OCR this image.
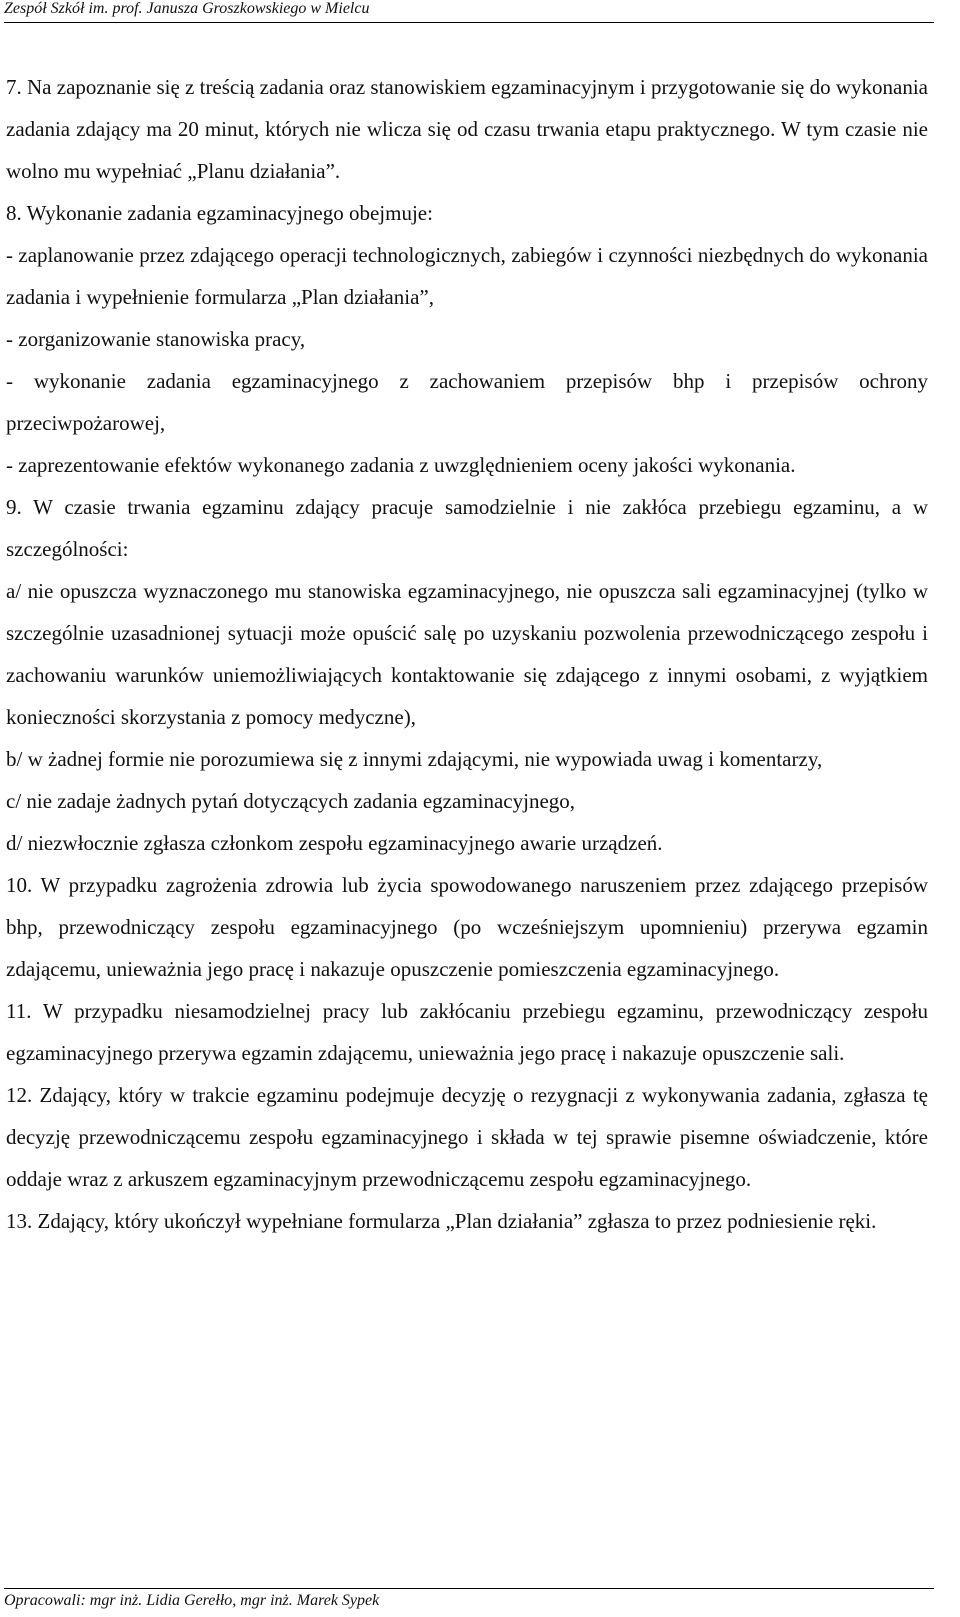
Zespół Szkół im. prof. Janusza Groszkowskiego w Mielcu

7. Na zapoznanie się z treścią zadania oraz stanowiskiem egzaminacyjnym i przygotowanie się do wykonania zadania zdający ma 20 minut, których nie wlicza się od czasu trwania etapu praktycznego. W tym czasie nie wolno mu wypełniać „Planu działania”.

8. Wykonanie zadania egzaminacyjnego obejmuje:

- zaplanowanie przez zdającego operacji technologicznych, zabiegów i czynności niezbędnych do wykonania zadania i wypełnienie formularza „Plan działania”,

- zorganizowanie stanowiska pracy,

- wykonanie zadania egzaminacyjnego z zachowaniem przepisów bhp i przepisów ochrony przeciwpożarowej,

- zaprezentowanie efektów wykonanego zadania z uwzględnieniem oceny jakości wykonania.

9. W czasie trwania egzaminu zdający pracuje samodzielnie i nie zakłóca przebiegu egzaminu, a w szczególności:

a/ nie opuszcza wyznaczonego mu stanowiska egzaminacyjnego, nie opuszcza sali egzaminacyjnej (tylko w szczególnie uzasadnionej sytuacji może opuścić salę po uzyskaniu pozwolenia przewodniczącego zespołu i zachowaniu warunków uniemożliwiających kontaktowanie się zdającego z innymi osobami, z wyjątkiem konieczności skorzystania z pomocy medyczne),

b/ w żadnej formie nie porozumiewa się z innymi zdającymi, nie wypowiada uwag i komentarzy,

c/ nie zadaje żadnych pytań dotyczących zadania egzaminacyjnego,

d/ niezwłocznie zgłasza członkom zespołu egzaminacyjnego awarie urządzeń.

10. W przypadku zagrożenia zdrowia lub życia spowodowanego naruszeniem przez zdającego przepisów bhp, przewodniczący zespołu egzaminacyjnego (po wcześniejszym upomnieniu) przerywa egzamin zdającemu, unieważnia jego pracę i nakazuje opuszczenie pomieszczenia egzaminacyjnego.

11. W przypadku niesamodzielnej pracy lub zakłócaniu przebiegu egzaminu, przewodniczący zespołu egzaminacyjnego przerywa egzamin zdającemu, unieważnia jego pracę i nakazuje opuszczenie sali.

12. Zdający, który w trakcie egzaminu podejmuje decyzję o rezygnacji z wykonywania zadania, zgłasza tę decyzję przewodniczącemu zespołu egzaminacyjnego i składa w tej sprawie pisemne oświadczenie, które oddaje wraz z arkuszem egzaminacyjnym przewodniczącemu zespołu egzaminacyjnego.

13. Zdający, który ukończył wypełniane formularza „Plan działania” zgłasza to przez podniesienie ręki.

Opracowali: mgr inż. Lidia Gerełło, mgr inż. Marek Sypek
